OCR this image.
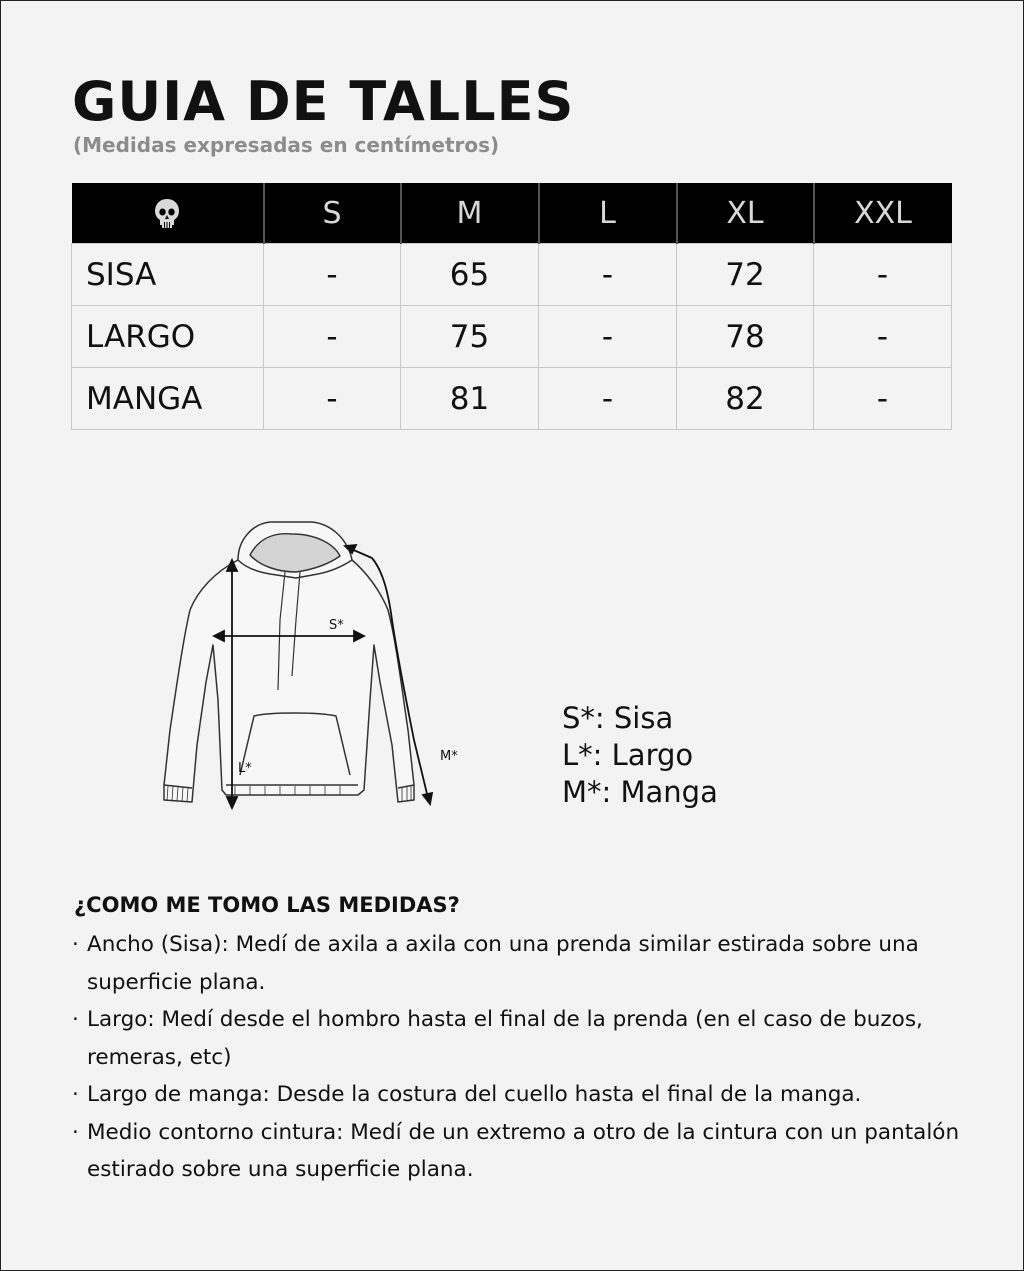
GUIA DE TALLES
(Medidas expresadas en centímetros)
	S	M	L	XL	XXL
SISA	-	65	-	72	-
LARGO	-	75	-	78	-
MANGA	-	81	-	82	-
S*
L*
M*
S*: Sisa
L*: Largo
M*: Manga
¿COMO ME TOMO LAS MEDIDAS?
· Ancho (Sisa): Medí de axila a axila con una prenda similar estirada sobre una superficie plana.
· Largo: Medí desde el hombro hasta el final de la prenda (en el caso de buzos, remeras, etc)
· Largo de manga: Desde la costura del cuello hasta el final de la manga.
· Medio contorno cintura: Medí de un extremo a otro de la cintura con un pantalón estirado sobre una superficie plana.
